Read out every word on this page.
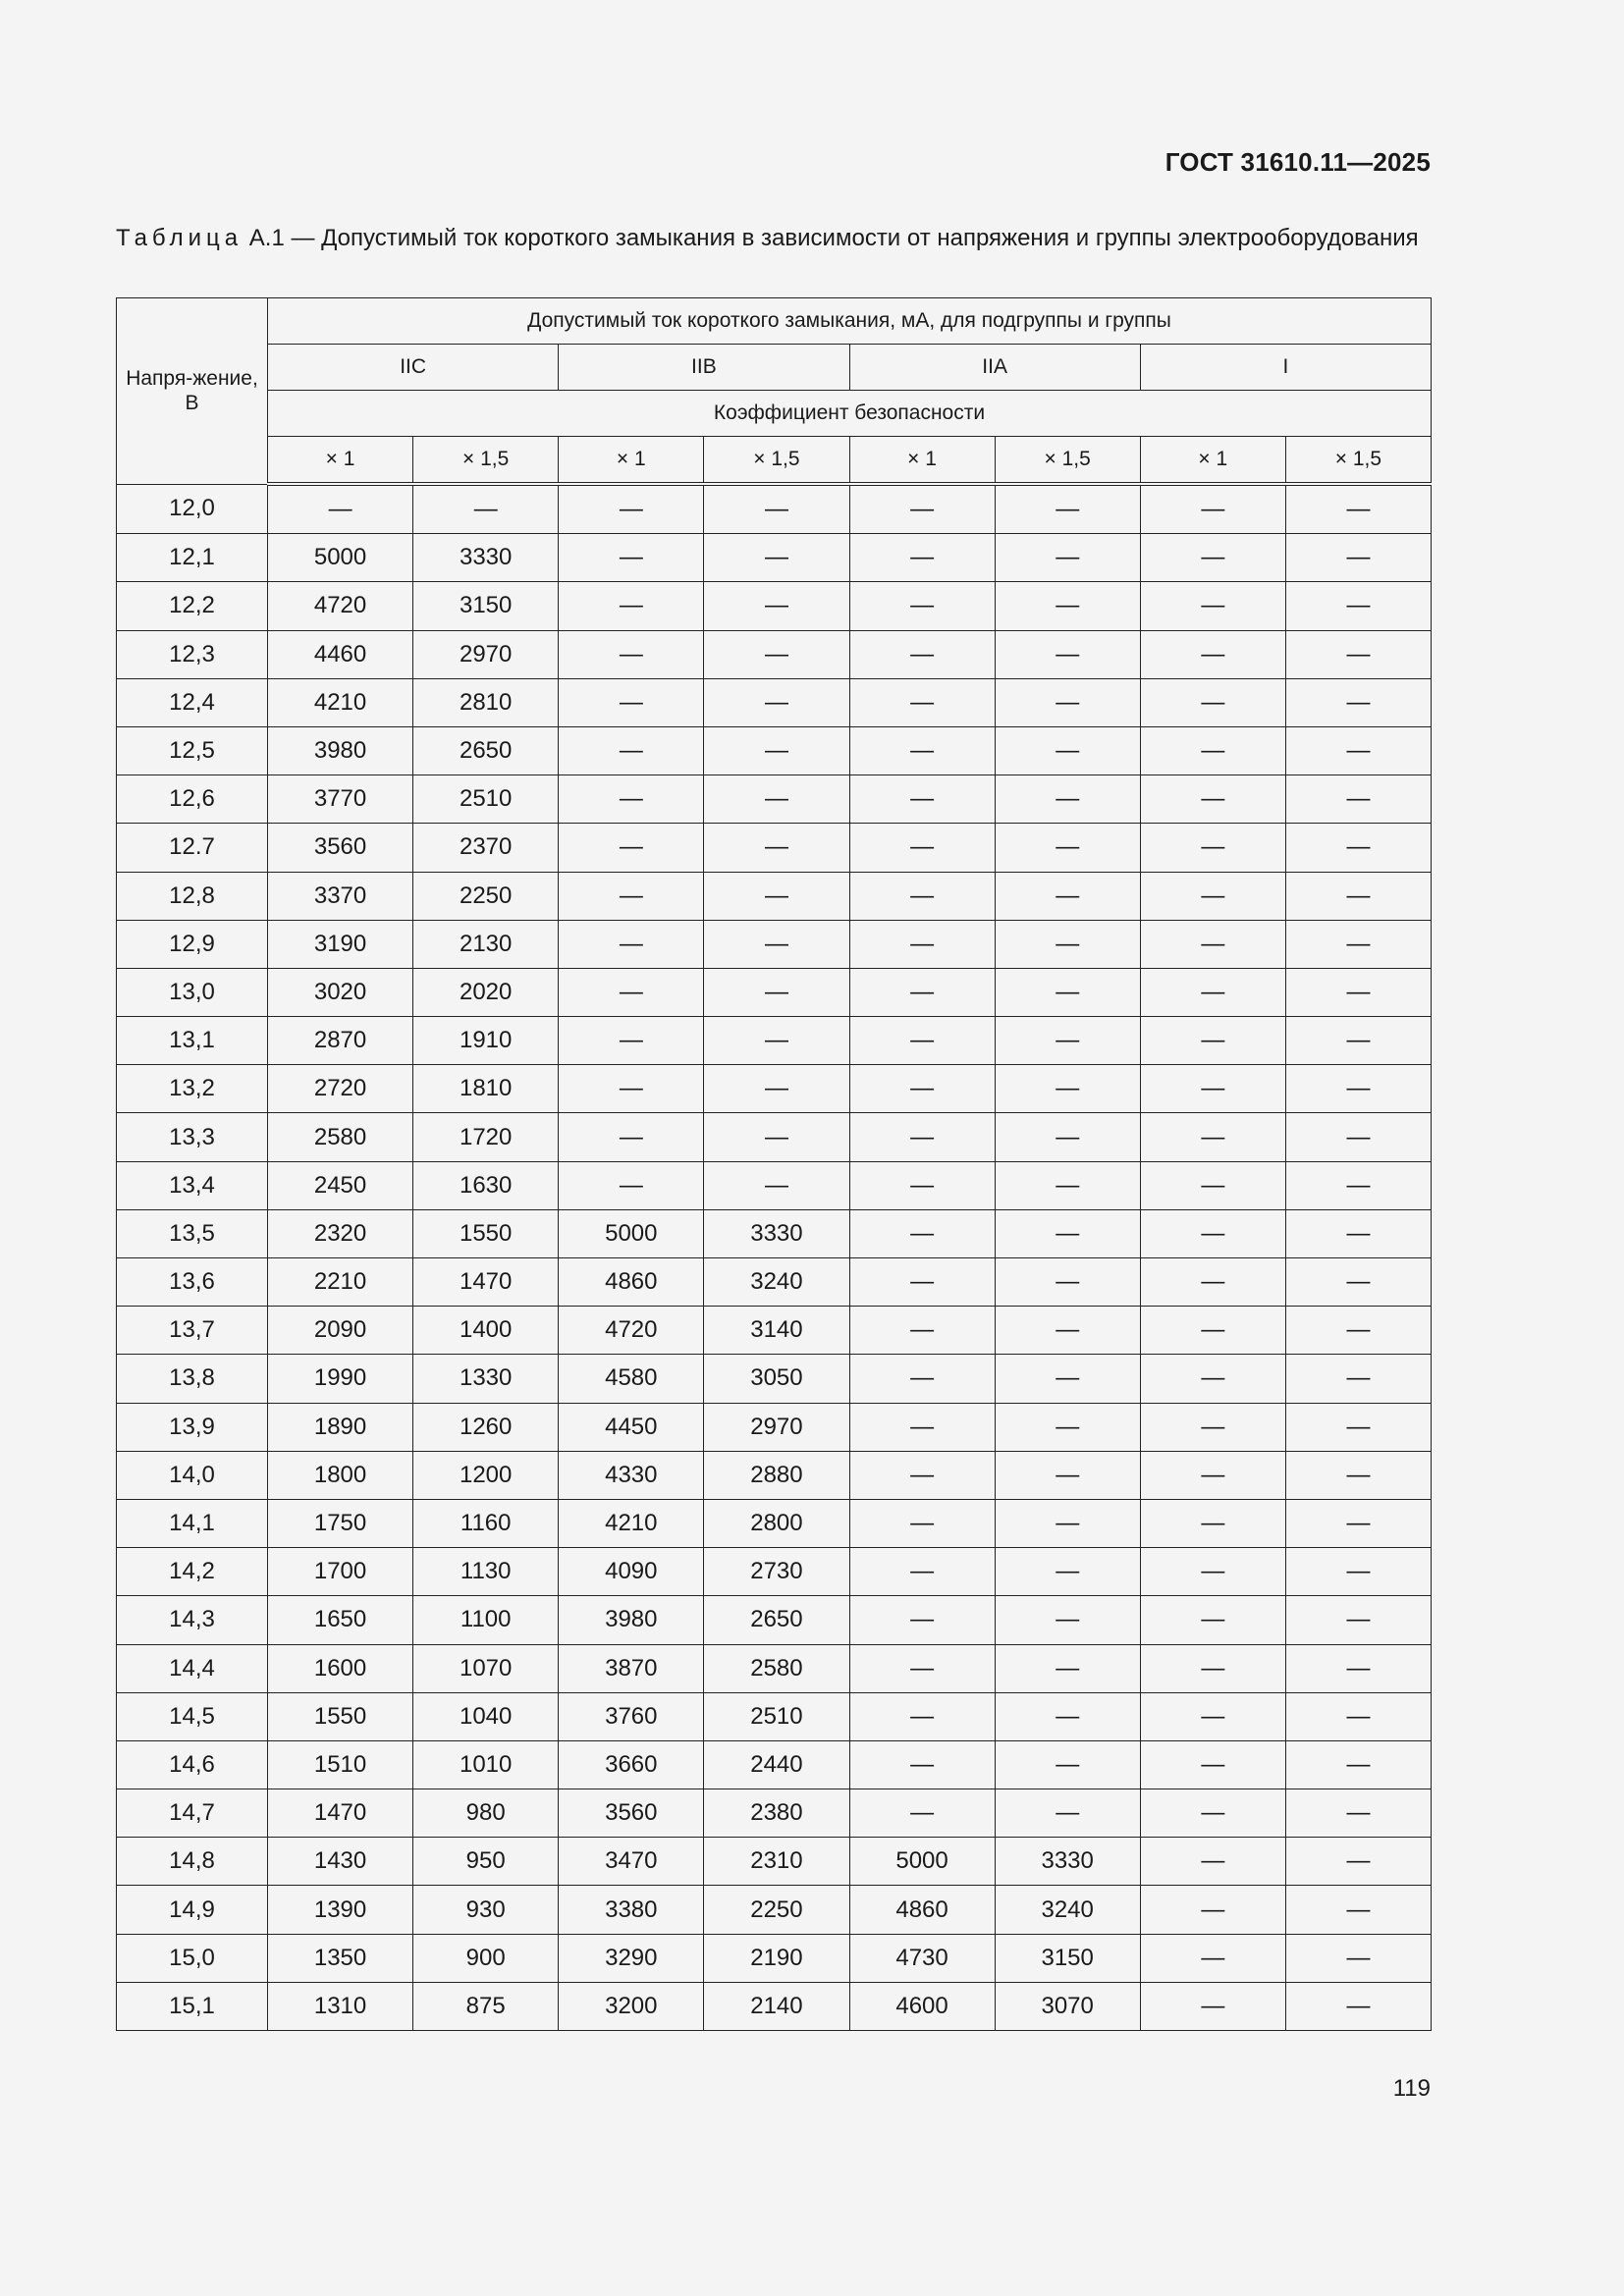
ГОСТ 31610.11—2025
Таблица А.1 — Допустимый ток короткого замыкания в зависимости от напряжения и группы электрооборудования
Напря-жение, В	Допустимый ток короткого замыкания, мА, для подгруппы и группы							
	IIC		IIB		IIA		I	
	Коэффициент безопасности							
	× 1	× 1,5	× 1	× 1,5	× 1	× 1,5	× 1	× 1,5
12,0	—	—	—	—	—	—	—	—
12,1	5000	3330	—	—	—	—	—	—
12,2	4720	3150	—	—	—	—	—	—
12,3	4460	2970	—	—	—	—	—	—
12,4	4210	2810	—	—	—	—	—	—
12,5	3980	2650	—	—	—	—	—	—
12,6	3770	2510	—	—	—	—	—	—
12.7	3560	2370	—	—	—	—	—	—
12,8	3370	2250	—	—	—	—	—	—
12,9	3190	2130	—	—	—	—	—	—
13,0	3020	2020	—	—	—	—	—	—
13,1	2870	1910	—	—	—	—	—	—
13,2	2720	1810	—	—	—	—	—	—
13,3	2580	1720	—	—	—	—	—	—
13,4	2450	1630	—	—	—	—	—	—
13,5	2320	1550	5000	3330	—	—	—	—
13,6	2210	1470	4860	3240	—	—	—	—
13,7	2090	1400	4720	3140	—	—	—	—
13,8	1990	1330	4580	3050	—	—	—	—
13,9	1890	1260	4450	2970	—	—	—	—
14,0	1800	1200	4330	2880	—	—	—	—
14,1	1750	1160	4210	2800	—	—	—	—
14,2	1700	1130	4090	2730	—	—	—	—
14,3	1650	1100	3980	2650	—	—	—	—
14,4	1600	1070	3870	2580	—	—	—	—
14,5	1550	1040	3760	2510	—	—	—	—
14,6	1510	1010	3660	2440	—	—	—	—
14,7	1470	980	3560	2380	—	—	—	—
14,8	1430	950	3470	2310	5000	3330	—	—
14,9	1390	930	3380	2250	4860	3240	—	—
15,0	1350	900	3290	2190	4730	3150	—	—
15,1	1310	875	3200	2140	4600	3070	—	—
119
